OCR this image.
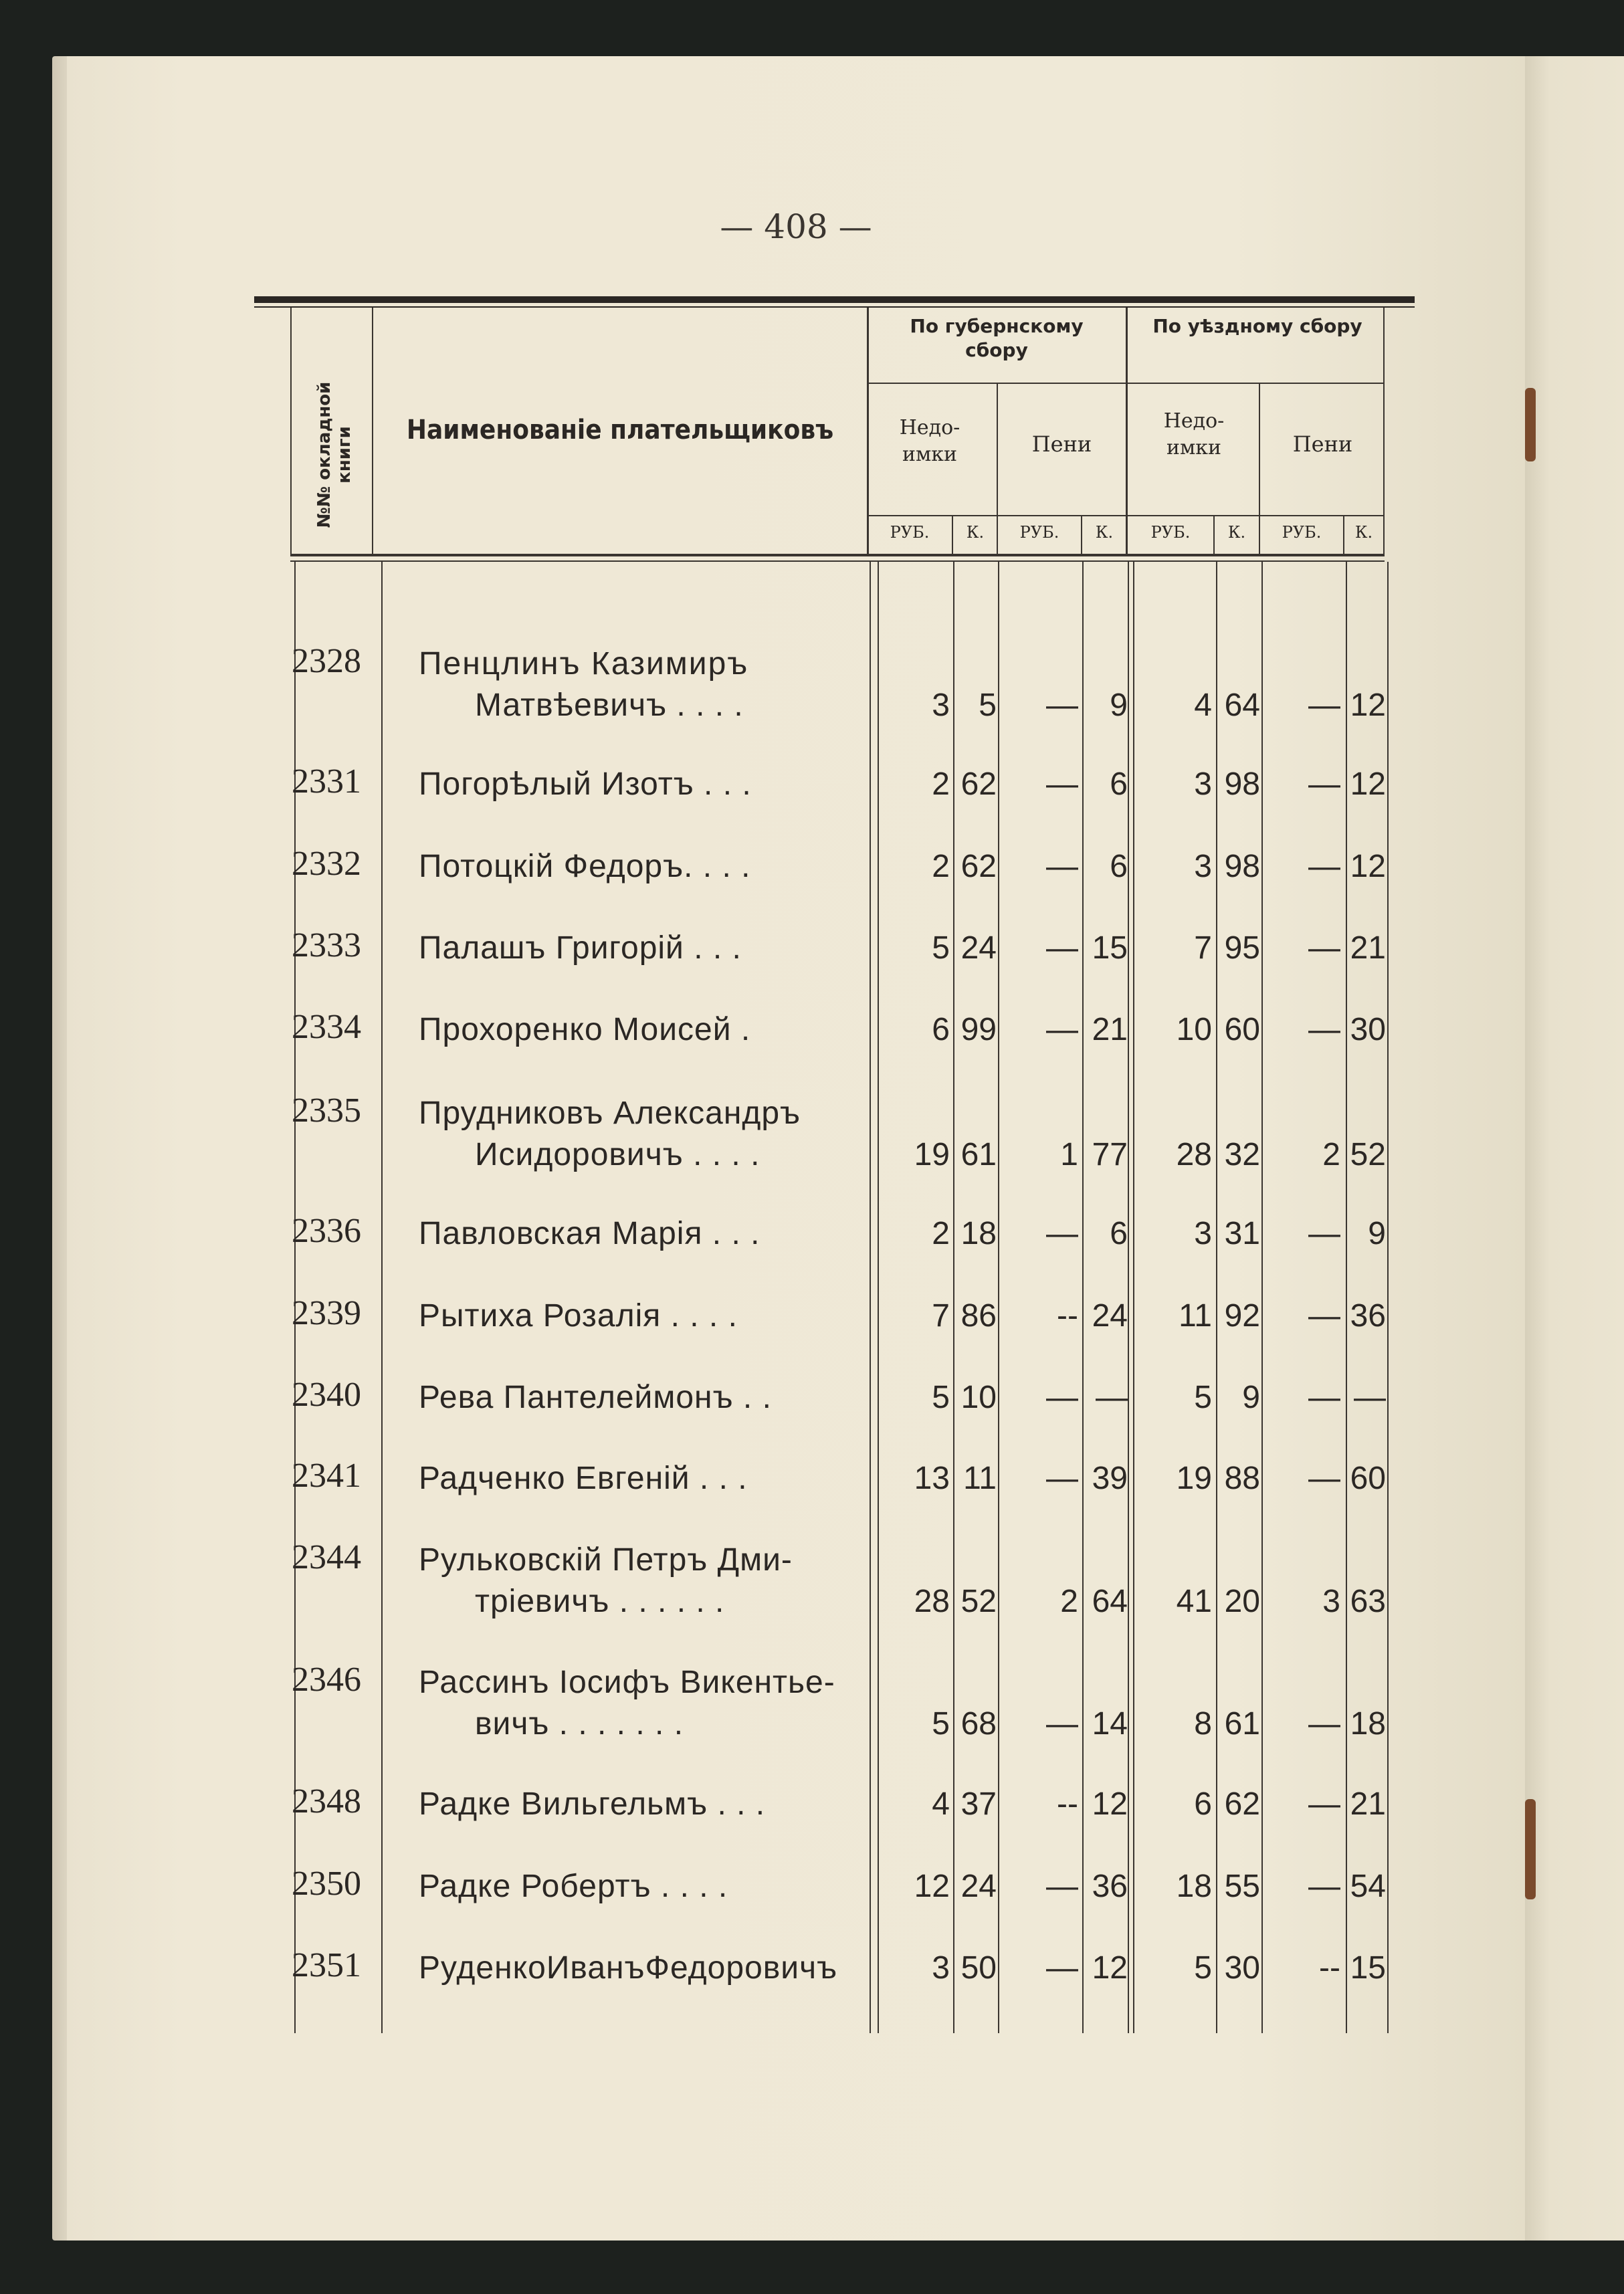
— 408 —
№№ окладной книги Наименованіе плательщиковъ
По губернскому сбору
По уѣздному сбору
Недо-имки	Пени
Недо-имки	Пени
РУБ.	К.	РУБ.	К.	РУБ.	К.	РУБ.	К.
2328	Пенцлинъ Казимиръ
Матвѣевичъ . . . .	3 5	— 9	4 64	— 12
2331	Погорѣлый Изотъ . . .	2 62	— 6	3 98	— 12
2332	Потоцкій Федоръ. . . .	2 62	— 6	3 98	— 12
2333	Палашъ Григорій . . .	5 24	— 15	7 95	— 21
2334	Прохоренко Моисей .	6 99	— 21	10 60	— 30
2335	Прудниковъ Александръ
Исидоровичъ . . . .	19 61	1 77	28 32	2 52
2336	Павловская Марія . . .	2 18	— 6	3 31	— 9
2339	Рытиха Розалія . . . .	7 86	-- 24	11 92	— 36
2340	Рева Пантелеймонъ . .	5 10	— —	5 9	— —
2341	Радченко Евгеній . . .	13 11	— 39	19 88	— 60
2344	Рульковскій Петръ Дми-
тріевичъ . . . . . .	28 52	2 64	41 20	3 63
2346	Рассинъ Іосифъ Викентье-
вичъ . . . . . . .	5 68	— 14	8 61	— 18
2348	Радке Вильгельмъ . . .	4 37	-- 12	6 62	— 21
2350	Радке Робертъ . . . .	12 24	— 36	18 55	— 54
2351	РуденкоИванъФедоровичъ	3 50	— 12	5 30	-- 15
